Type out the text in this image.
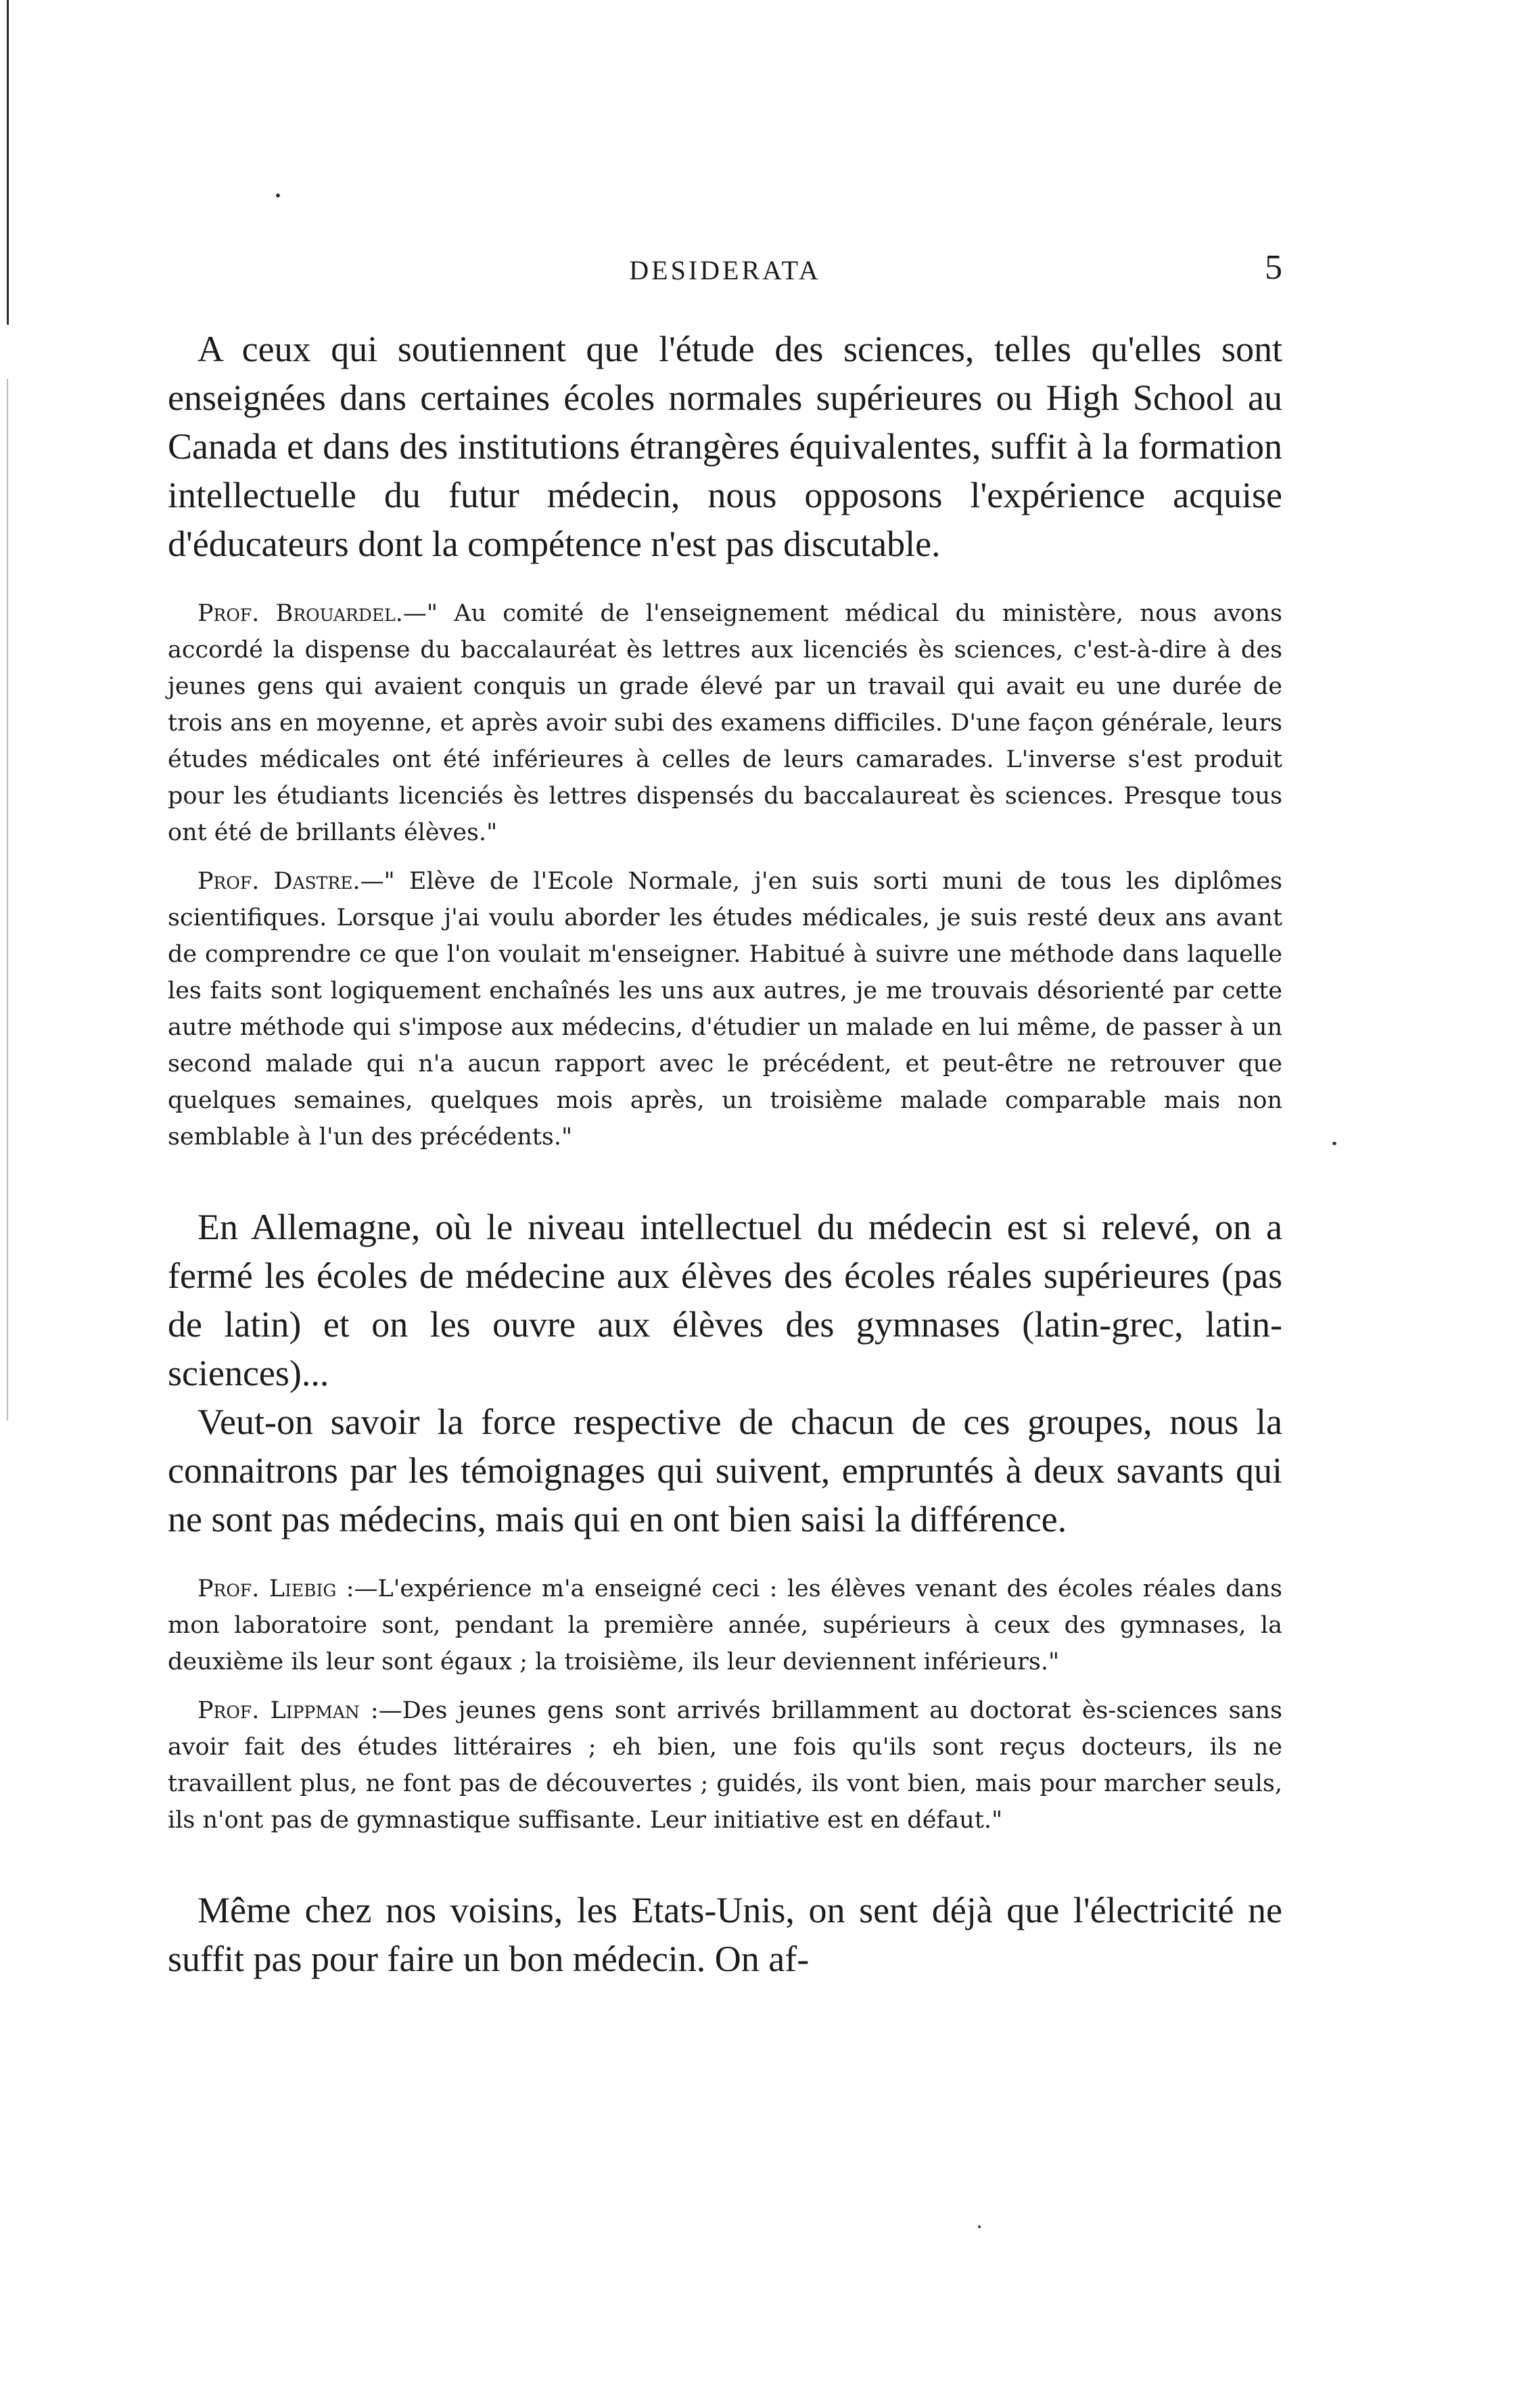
DESIDERATA	5

A ceux qui soutiennent que l'étude des sciences, telles qu'elles sont enseignées dans certaines écoles normales supérieures ou High School au Canada et dans des institutions étrangères équivalentes, suffit à la formation intellectuelle du futur médecin, nous opposons l'expérience acquise d'éducateurs dont la compétence n'est pas discutable.

Prof. Brouardel.—" Au comité de l'enseignement médical du ministère, nous avons accordé la dispense du baccalauréat ès lettres aux licenciés ès sciences, c'est-à-dire à des jeunes gens qui avaient conquis un grade élevé par un travail qui avait eu une durée de trois ans en moyenne, et après avoir subi des examens difficiles. D'une façon générale, leurs études médicales ont été inférieures à celles de leurs camarades. L'inverse s'est produit pour les étudiants licenciés ès lettres dispensés du baccalaureat ès sciences. Presque tous ont été de brillants élèves."

Prof. Dastre.—" Elève de l'Ecole Normale, j'en suis sorti muni de tous les diplômes scientifiques. Lorsque j'ai voulu aborder les études médicales, je suis resté deux ans avant de comprendre ce que l'on voulait m'enseigner. Habitué à suivre une méthode dans laquelle les faits sont logiquement enchaînés les uns aux autres, je me trouvais désorienté par cette autre méthode qui s'impose aux médecins, d'étudier un malade en lui même, de passer à un second malade qui n'a aucun rapport avec le précédent, et peut-être ne retrouver que quelques semaines, quelques mois après, un troisième malade comparable mais non semblable à l'un des précédents."

En Allemagne, où le niveau intellectuel du médecin est si relevé, on a fermé les écoles de médecine aux élèves des écoles réales supérieures (pas de latin) et on les ouvre aux élèves des gymnases (latin-grec, latin-sciences)...

Veut-on savoir la force respective de chacun de ces groupes, nous la connaitrons par les témoignages qui suivent, empruntés à deux savants qui ne sont pas médecins, mais qui en ont bien saisi la différence.

Prof. Liebig :—L'expérience m'a enseigné ceci : les élèves venant des écoles réales dans mon laboratoire sont, pendant la première année, supérieurs à ceux des gymnases, la deuxième ils leur sont égaux ; la troisième, ils leur deviennent inférieurs."

Prof. Lippman :—Des jeunes gens sont arrivés brillamment au doctorat ès-sciences sans avoir fait des études littéraires ; eh bien, une fois qu'ils sont reçus docteurs, ils ne travaillent plus, ne font pas de découvertes ; guidés, ils vont bien, mais pour marcher seuls, ils n'ont pas de gymnastique suffisante. Leur initiative est en défaut."

Même chez nos voisins, les Etats-Unis, on sent déjà que l'électricité ne suffit pas pour faire un bon médecin. On af-
